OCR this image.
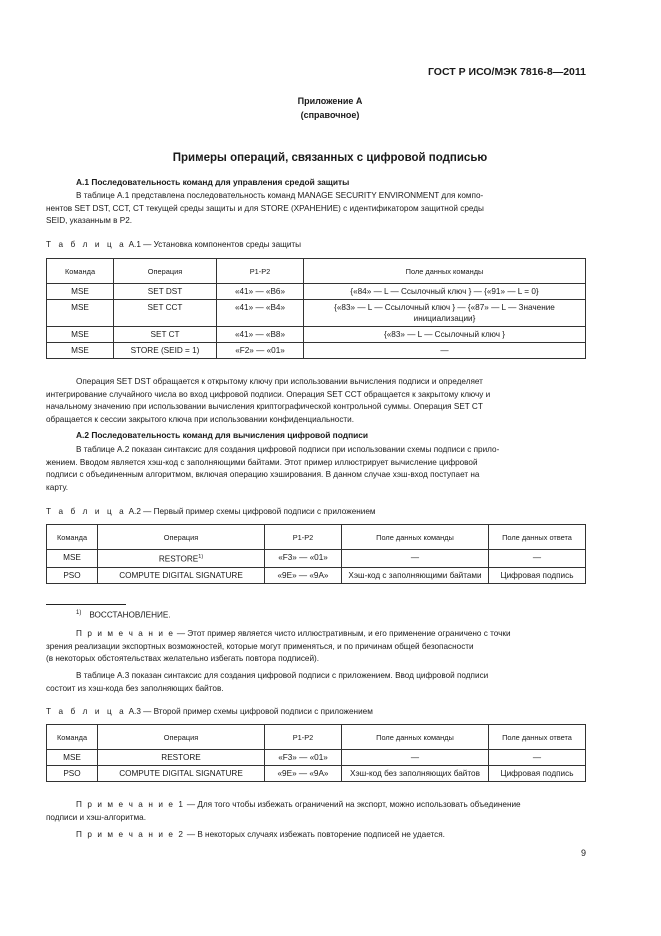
ГОСТ Р ИСО/МЭК 7816-8—2011
Приложение А
(справочное)
Примеры операций, связанных с цифровой подписью
А.1 Последовательность команд для управления средой защиты
В таблице А.1 представлена последовательность команд MANAGE SECURITY ENVIRONMENT для компо-
нентов SET DST, CCT, CT текущей среды защиты и для STORE (ХРАНЕНИЕ) с идентификатором защитной среды
SEID, указанным в Р2.
Т а б л и ц а А.1 — Установка компонентов среды защиты
Команда	Операция	P1-P2	Поле данных команды
MSE	SET DST	«41» — «B6»	{«84» — L — Ссылочный ключ } — {«91» — L = 0}
MSE	SET CCT	«41» — «B4»	{«83» — L — Ссылочный ключ } — {«87» — L — Значение инициализации}
MSE	SET CT	«41» — «B8»	{«83» — L — Ссылочный ключ }
MSE	STORE (SEID = 1)	«F2» — «01»	—
Операция SET DST обращается к открытому ключу при использовании вычисления подписи и определяет
интегрирование случайного числа во вход цифровой подписи. Операция SET CCT обращается к закрытому ключу и
начальному значению при использовании вычисления криптографической контрольной суммы. Операция SET CT
обращается к сессии закрытого ключа при использовании конфиденциальности.
А.2 Последовательность команд для вычисления цифровой подписи
В таблице А.2 показан синтаксис для создания цифровой подписи при использовании схемы подписи с прило-
жением. Вводом является хэш-код с заполняющими байтами. Этот пример иллюстрирует вычисление цифровой
подписи с объединенным алгоритмом, включая операцию хэширования. В данном случае хэш-вход поступает на
карту.
Т а б л и ц а А.2 — Первый пример схемы цифровой подписи с приложением
Команда	Операция	P1-P2	Поле данных команды	Поле данных ответа
MSE	RESTORE$^{1)}$	«F3» — «01»	—	—
PSO	COMPUTE DIGITAL SIGNATURE	«9E» — «9A»	Хэш-код с заполняющими байтами	Цифровая подпись
$^{1)}$ ВОССТАНОВЛЕНИЕ.
П р и м е ч а н и е — Этот пример является чисто иллюстративным, и его применение ограничено с точки
зрения реализации экспортных возможностей, которые могут применяться, и по причинам общей безопасности
(в некоторых обстоятельствах желательно избегать повтора подписей).
В таблице А.3 показан синтаксис для создания цифровой подписи с приложением. Ввод цифровой подписи
состоит из хэш-кода без заполняющих байтов.
Т а б л и ц а А.3 — Второй пример схемы цифровой подписи с приложением
Команда	Операция	P1-P2	Поле данных команды	Поле данных ответа
MSE	RESTORE	«F3» — «01»	—	—
PSO	COMPUTE DIGITAL SIGNATURE	«9E» — «9A»	Хэш-код без заполняющих байтов	Цифровая подпись
П р и м е ч а н и е 1 — Для того чтобы избежать ограничений на экспорт, можно использовать объединение
подписи и хэш-алгоритма.
П р и м е ч а н и е 2 — В некоторых случаях избежать повторение подписей не удается.
9
